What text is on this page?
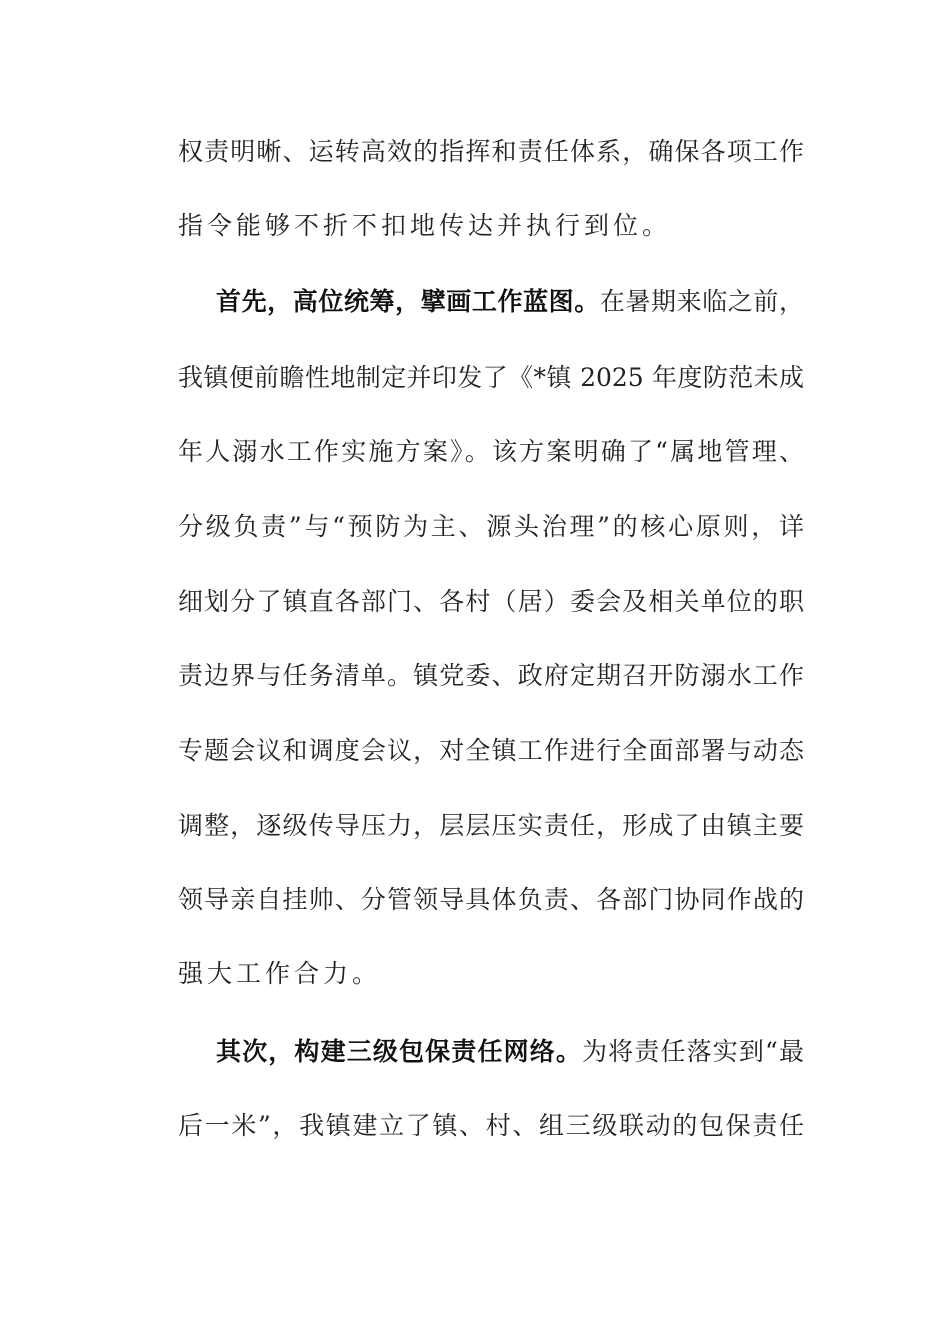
权责明晰、运转高效的指挥和责任体系，确保各项工作
指令能够不折不扣地传达并执行到位。
首先，高位统筹，擘画工作蓝图。在暑期来临之前，
我镇便前瞻性地制定并印发了《*镇 2025 年度防范未成
年人溺水工作实施方案》。该方案明确了“属地管理、
分级负责”与“预防为主、源头治理”的核心原则，详
细划分了镇直各部门、各村（居）委会及相关单位的职
责边界与任务清单。镇党委、政府定期召开防溺水工作
专题会议和调度会议，对全镇工作进行全面部署与动态
调整，逐级传导压力，层层压实责任，形成了由镇主要
领导亲自挂帅、分管领导具体负责、各部门协同作战的
强大工作合力。
其次，构建三级包保责任网络。为将责任落实到“最
后一米”，我镇建立了镇、村、组三级联动的包保责任
